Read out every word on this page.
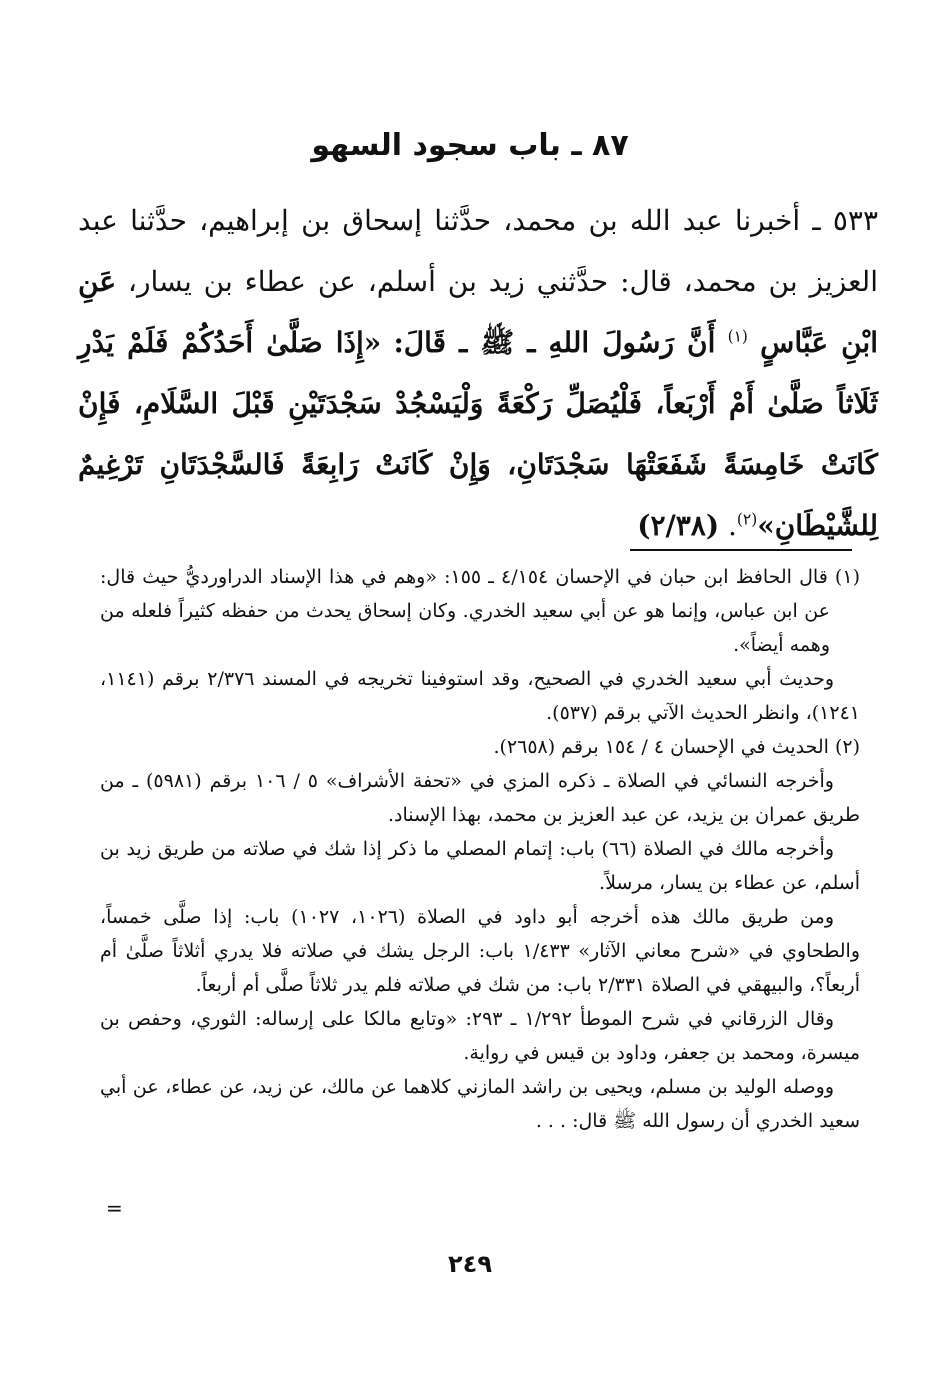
٨٧ ـ باب سجود السهو

٥٣٣ ـ أخبرنا عبد الله بن محمد، حدَّثنا إسحاق بن إبراهيم، حدَّثنا عبد العزيز بن محمد، قال: حدَّثني زيد بن أسلم، عن عطاء بن يسار، عَنِ ابْنِ عَبَّاسٍ $^{(١)}$ أَنَّ رَسُولَ اللهِ ـ ﷺ ـ قَالَ: «إِذَا صَلَّىٰ أَحَدُكُمْ فَلَمْ يَدْرِ ثَلَاثاً صَلَّىٰ أَمْ أَرْبَعاً، فَلْيُصَلِّ رَكْعَةً وَلْيَسْجُدْ سَجْدَتَيْنِ قَبْلَ السَّلَامِ، فَإِنْ كَانَتْ خَامِسَةً شَفَعَتْهَا سَجْدَتَانِ، وَإِنْ كَانَتْ رَابِعَةً فَالسَّجْدَتَانِ تَرْغِيمٌ لِلشَّيْطَانِ»$^{(٢)}$. (٢/٣٨)

(١) قال الحافظ ابن حبان في الإحسان ٤/١٥٤ ـ ١٥٥: «وهم في هذا الإسناد الدراورديُّ حيث قال: عن ابن عباس، وإنما هو عن أبي سعيد الخدري. وكان إسحاق يحدث من حفظه كثيراً فلعله من وهمه أيضاً».

وحديث أبي سعيد الخدري في الصحيح، وقد استوفينا تخريجه في المسند ٢/٣٧٦ برقم (١١٤١، ١٢٤١)، وانظر الحديث الآتي برقم (٥٣٧).

(٢) الحديث في الإحسان ٤ / ١٥٤ برقم (٢٦٥٨).

وأخرجه النسائي في الصلاة ـ ذكره المزي في «تحفة الأشراف» ٥ / ١٠٦ برقم (٥٩٨١) ـ من طريق عمران بن يزيد، عن عبد العزيز بن محمد، بهذا الإسناد.

وأخرجه مالك في الصلاة (٦٦) باب: إتمام المصلي ما ذكر إذا شك في صلاته من طريق زيد بن أسلم، عن عطاء بن يسار، مرسلاً.

ومن طريق مالك هذه أخرجه أبو داود في الصلاة (١٠٢٦، ١٠٢٧) باب: إذا صلَّى خمساً، والطحاوي في «شرح معاني الآثار» ١/٤٣٣ باب: الرجل يشك في صلاته فلا يدري أثلاثاً صلَّىٰ أم أربعاً؟، والبيهقي في الصلاة ٢/٣٣١ باب: من شك في صلاته فلم يدر ثلاثاً صلَّى أم أربعاً.

وقال الزرقاني في شرح الموطأ ١/٢٩٢ ـ ٢٩٣: «وتابع مالكا على إرساله: الثوري، وحفص بن ميسرة، ومحمد بن جعفر، وداود بن قيس في رواية.

ووصله الوليد بن مسلم، ويحيى بن راشد المازني كلاهما عن مالك، عن زيد، عن عطاء، عن أبي سعيد الخدري أن رسول الله ﷺ قال: . . .

=
٢٤٩
